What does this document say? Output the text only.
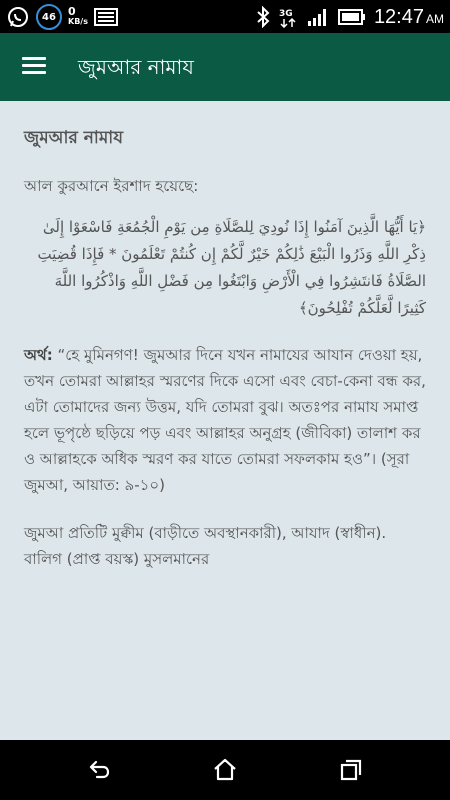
46	0
KB/s
3G	12:47 AM
জুমআর নামায

জুমআর নামায

আল কুরআনে ইরশাদ হয়েছে:

﴿يَا أَيُّهَا الَّذِينَ آمَنُوا إِذَا نُودِيَ لِلصَّلَاةِ مِن يَوْمِ الْجُمُعَةِ فَاسْعَوْا إِلَىٰ ذِكْرِ اللَّهِ وَذَرُوا الْبَيْعَ ذَٰلِكُمْ خَيْرٌ لَّكُمْ إِن كُنتُمْ تَعْلَمُونَ * فَإِذَا قُضِيَتِ الصَّلَاةُ فَانتَشِرُوا فِي الْأَرْضِ وَابْتَغُوا مِن فَضْلِ اللَّهِ وَاذْكُرُوا اللَّهَ كَثِيرًا لَّعَلَّكُمْ تُفْلِحُونَ﴾

অর্থ: “হে মুমিনগণ! জুমআর দিনে যখন নামাযের আযান দেওয়া হয়, তখন তোমরা আল্লাহর স্মরণের দিকে এসো এবং বেচা-কেনা বন্ধ কর, এটা তোমাদের জন্য উত্তম, যদি তোমরা বুঝ। অতঃপর নামায সমাপ্ত হলে ভূপৃষ্ঠে ছড়িয়ে পড় এবং আল্লাহর অনুগ্রহ (জীবিকা) তালাশ কর ও আল্লাহকে অধিক স্মরণ কর যাতে তোমরা সফলকাম হও”। (সূরা জুমআ, আয়াত: ৯-১০)

জুমআ প্রতিটি মুক্বীম (বাড়ীতে অবস্থানকারী), আযাদ (স্বাধীন). বালিগ (প্রাপ্ত বয়স্ক) মুসলমানের
